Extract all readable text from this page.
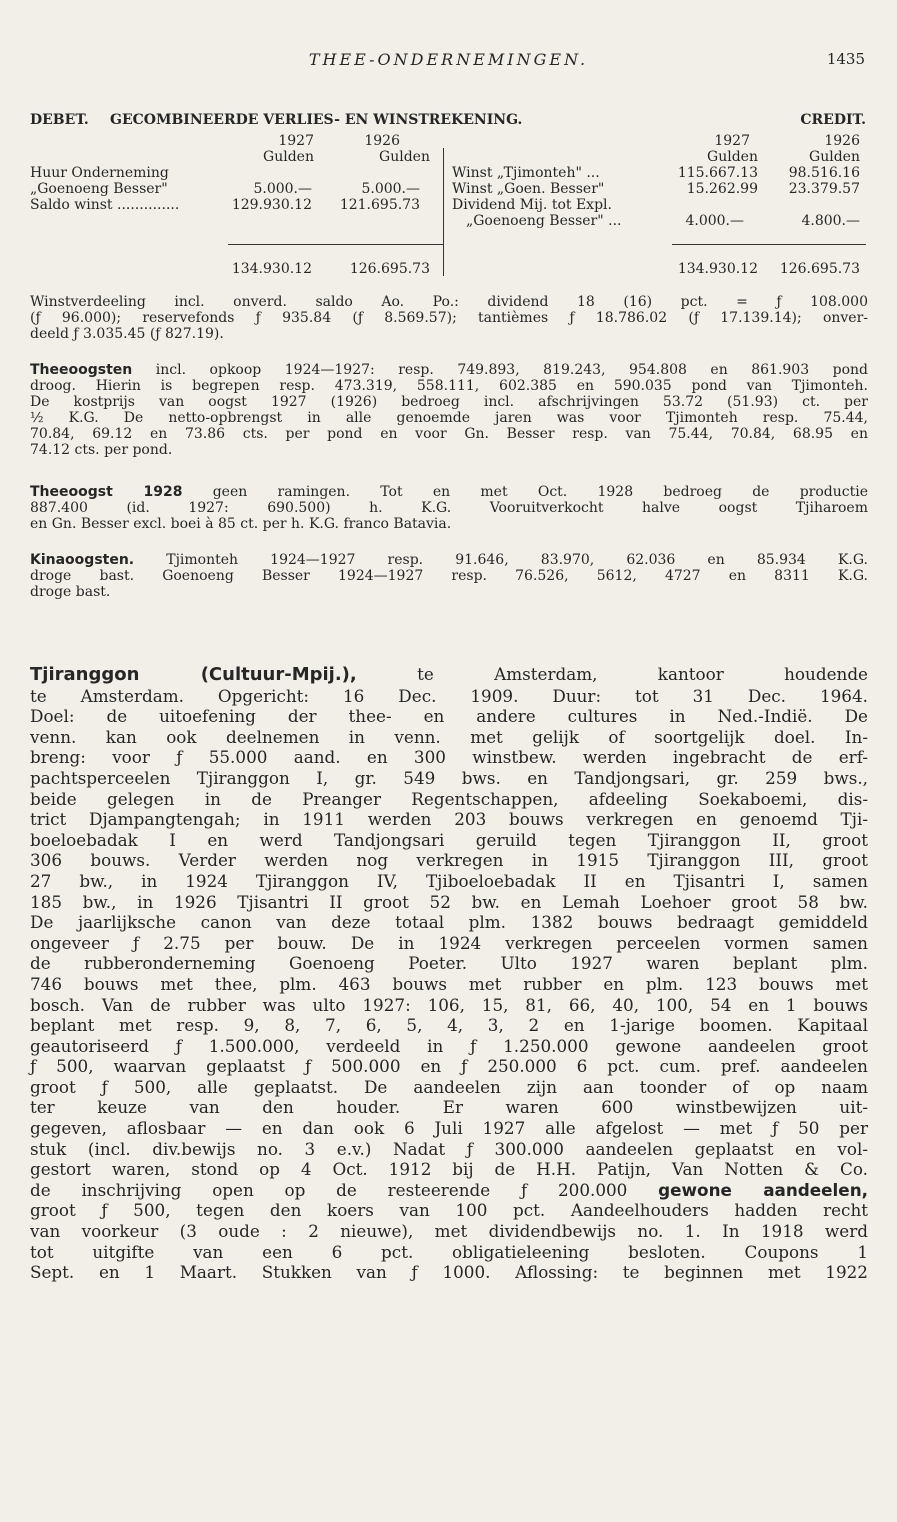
THEE-ONDERNEMINGEN.	1435
DEBET. GECOMBINEERDE VERLIES- EN WINSTREKENING.	CREDIT.
1927	1926
Gulden	Gulden
1927	1926
Gulden	Gulden
Huur Onderneming
„Goenoeng Besser"	5.000.—	5.000.—
Saldo winst ..............	129.930.12	121.695.73
Winst „Tjimonteh" ...	115.667.13	98.516.16
Winst „Goen. Besser"	15.262.99	23.379.57
Dividend Mij. tot Expl.
„Goenoeng Besser" ...	4.000.—	4.800.—
134.930.12	126.695.73	134.930.12	126.695.73
Winstverdeeling incl. onverd. saldo Ao. Po.: dividend 18 (16) pct. = ƒ 108.000
(ƒ 96.000); reservefonds ƒ 935.84 (ƒ 8.569.57); tantièmes ƒ 18.786.02 (ƒ 17.139.14); onver-
deeld ƒ 3.035.45 (ƒ 827.19).
Theeoogsten incl. opkoop 1924—1927: resp. 749.893, 819.243, 954.808 en 861.903 pond
droog. Hierin is begrepen resp. 473.319, 558.111, 602.385 en 590.035 pond van Tjimonteh.
De kostprijs van oogst 1927 (1926) bedroeg incl. afschrijvingen 53.72 (51.93) ct. per
½ K.G. De netto-opbrengst in alle genoemde jaren was voor Tjimonteh resp. 75.44,
70.84, 69.12 en 73.86 cts. per pond en voor Gn. Besser resp. van 75.44, 70.84, 68.95 en
74.12 cts. per pond.
Theeoogst 1928 geen ramingen. Tot en met Oct. 1928 bedroeg de productie
887.400 (id. 1927: 690.500) h. K.G. Vooruitverkocht halve oogst Tjiharoem
en Gn. Besser excl. boei à 85 ct. per h. K.G. franco Batavia.
Kinaoogsten. Tjimonteh 1924—1927 resp. 91.646, 83.970, 62.036 en 85.934 K.G.
droge bast. Goenoeng Besser 1924—1927 resp. 76.526, 5612, 4727 en 8311 K.G.
droge bast.
Tjiranggon (Cultuur-Mpij.),	te Amsterdam, kantoor houdende
te Amsterdam. Opgericht: 16 Dec. 1909. Duur: tot 31 Dec. 1964.
Doel: de uitoefening der thee- en andere cultures in Ned.-Indië. De
venn. kan ook deelnemen in venn. met gelijk of soortgelijk doel. In-
breng: voor ƒ 55.000 aand. en 300 winstbew. werden ingebracht de erf-
pachtsperceelen Tjiranggon I, gr. 549 bws. en Tandjongsari, gr. 259 bws.,
beide gelegen in de Preanger Regentschappen, afdeeling Soekaboemi, dis-
trict Djampangtengah; in 1911 werden 203 bouws verkregen en genoemd Tji-
boeloebadak I en werd Tandjongsari geruild tegen Tjiranggon II, groot
306 bouws. Verder werden nog verkregen in 1915 Tjiranggon III, groot
27 bw., in 1924 Tjiranggon IV, Tjiboeloebadak II en Tjisantri I, samen
185 bw., in 1926 Tjisantri II groot 52 bw. en Lemah Loehoer groot 58 bw.
De jaarlijksche canon van deze totaal plm. 1382 bouws bedraagt gemiddeld
ongeveer ƒ 2.75 per bouw. De in 1924 verkregen perceelen vormen samen
de rubberonderneming Goenoeng Poeter. Ulto 1927 waren beplant plm.
746 bouws met thee, plm. 463 bouws met rubber en plm. 123 bouws met
bosch. Van de rubber was ulto 1927: 106, 15, 81, 66, 40, 100, 54 en 1 bouws
beplant met resp. 9, 8, 7, 6, 5, 4, 3, 2 en 1-jarige boomen. Kapitaal
geautoriseerd ƒ 1.500.000, verdeeld in ƒ 1.250.000 gewone aandeelen groot
ƒ 500, waarvan geplaatst ƒ 500.000 en ƒ 250.000 6 pct. cum. pref. aandeelen
groot ƒ 500, alle geplaatst. De aandeelen zijn aan toonder of op naam
ter keuze van den houder. Er waren 600 winstbewijzen uit-
gegeven, aflosbaar — en dan ook 6 Juli 1927 alle afgelost — met ƒ 50 per
stuk (incl. div.bewijs no. 3 e.v.) Nadat ƒ 300.000 aandeelen geplaatst en vol-
gestort waren, stond op 4 Oct. 1912 bij de H.H. Patijn, Van Notten & Co.
de inschrijving open op de resteerende ƒ 200.000 gewone aandeelen,
groot ƒ 500, tegen den koers van 100 pct. Aandeelhouders hadden recht
van voorkeur (3 oude : 2 nieuwe), met dividendbewijs no. 1. In 1918 werd
tot uitgifte van een 6 pct. obligatieleening besloten. Coupons 1
Sept. en 1 Maart. Stukken van ƒ 1000. Aflossing: te beginnen met 1922
